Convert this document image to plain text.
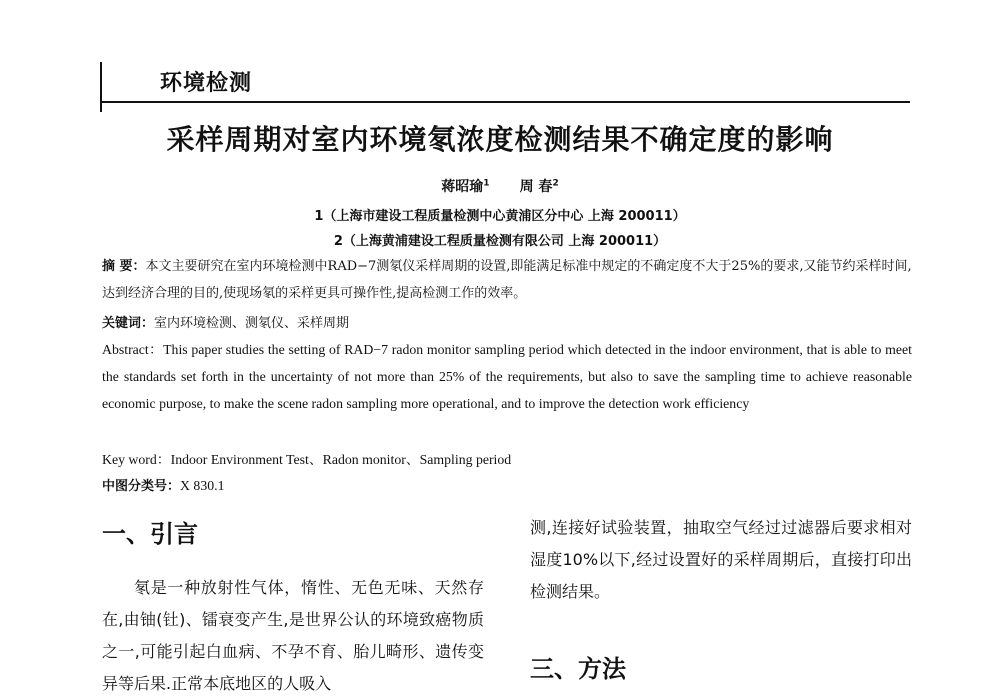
环境检测
采样周期对室内环境氡浓度检测结果不确定度的影响
蒋昭瑜$^1$ 周 春$^2$
1（上海市建设工程质量检测中心黄浦区分中心 上海 200011）
2（上海黄浦建设工程质量检测有限公司 上海 200011）
摘 要：本文主要研究在室内环境检测中RAD−7测氡仪采样周期的设置,即能满足标准中规定的不确定度不大于25%的要求,又能节约采样时间,达到经济合理的目的,使现场氡的采样更具可操作性,提高检测工作的效率。
关键词：室内环境检测、测氡仪、采样周期
Abstract：This paper studies the setting of RAD−7 radon monitor sampling period which detected in the indoor environment, that is able to meet the standards set forth in the uncertainty of not more than 25% of the requirements, but also to save the sampling time to achieve reasonable economic purpose, to make the scene radon sampling more operational, and to improve the detection work efficiency
Key word：Indoor Environment Test、Radon monitor、Sampling period
中图分类号：X 830.1
一、引言
氡是一种放射性气体，惰性、无色无味、天然存在,由铀(钍)、镭衰变产生,是世界公认的环境致癌物质之一,可能引起白血病、不孕不育、胎儿畸形、遗传变异等后果.正常本底地区的人吸入
测,连接好试验装置，抽取空气经过过滤器后要求相对湿度10%以下,经过设置好的采样周期后，直接打印出检测结果。
三、方法
